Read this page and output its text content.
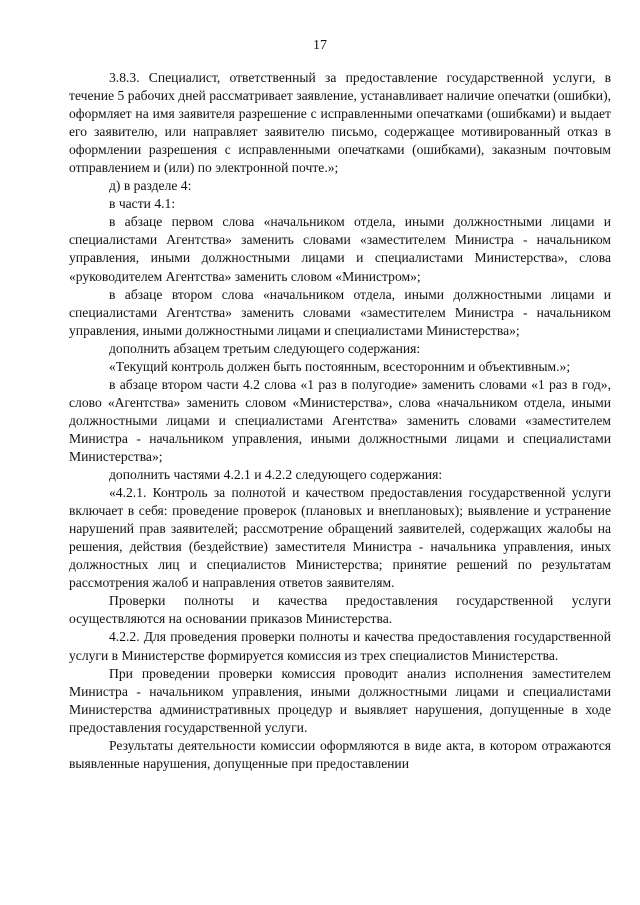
17

3.8.3. Специалист, ответственный за предоставление государственной услуги, в течение 5 рабочих дней рассматривает заявление, устанавливает наличие опечатки (ошибки), оформляет на имя заявителя разрешение с исправленными опечатками (ошибками) и выдает его заявителю, или направляет заявителю письмо, содержащее мотивированный отказ в оформлении разрешения с исправленными опечатками (ошибками), заказным почтовым отправлением и (или) по электронной почте.»;

д) в разделе 4:

в части 4.1:

в абзаце первом слова «начальником отдела, иными должностными лицами и специалистами Агентства» заменить словами «заместителем Министра - начальником управления, иными должностными лицами и специалистами Министерства», слова «руководителем Агентства» заменить словом «Министром»;

в абзаце втором слова «начальником отдела, иными должностными лицами и специалистами Агентства» заменить словами «заместителем Министра - начальником управления, иными должностными лицами и специалистами Министерства»;

дополнить абзацем третьим следующего содержания:

«Текущий контроль должен быть постоянным, всесторонним и объективным.»;

в абзаце втором части 4.2 слова «1 раз в полугодие» заменить словами «1 раз в год», слово «Агентства» заменить словом «Министерства», слова «начальником отдела, иными должностными лицами и специалистами Агентства» заменить словами «заместителем Министра - начальником управления, иными должностными лицами и специалистами Министерства»;

дополнить частями 4.2.1 и 4.2.2 следующего содержания:

«4.2.1. Контроль за полнотой и качеством предоставления государственной услуги включает в себя: проведение проверок (плановых и внеплановых); выявление и устранение нарушений прав заявителей; рассмотрение обращений заявителей, содержащих жалобы на решения, действия (бездействие) заместителя Министра - начальника управления, иных должностных лиц и специалистов Министерства; принятие решений по результатам рассмотрения жалоб и направления ответов заявителям.

Проверки полноты и качества предоставления государственной услуги осуществляются на основании приказов Министерства.

4.2.2. Для проведения проверки полноты и качества предоставления государственной услуги в Министерстве формируется комиссия из трех специалистов Министерства.

При проведении проверки комиссия проводит анализ исполнения заместителем Министра - начальником управления, иными должностными лицами и специалистами Министерства административных процедур и выявляет нарушения, допущенные в ходе предоставления государственной услуги.

Результаты деятельности комиссии оформляются в виде акта, в котором отражаются выявленные нарушения, допущенные при предоставлении
